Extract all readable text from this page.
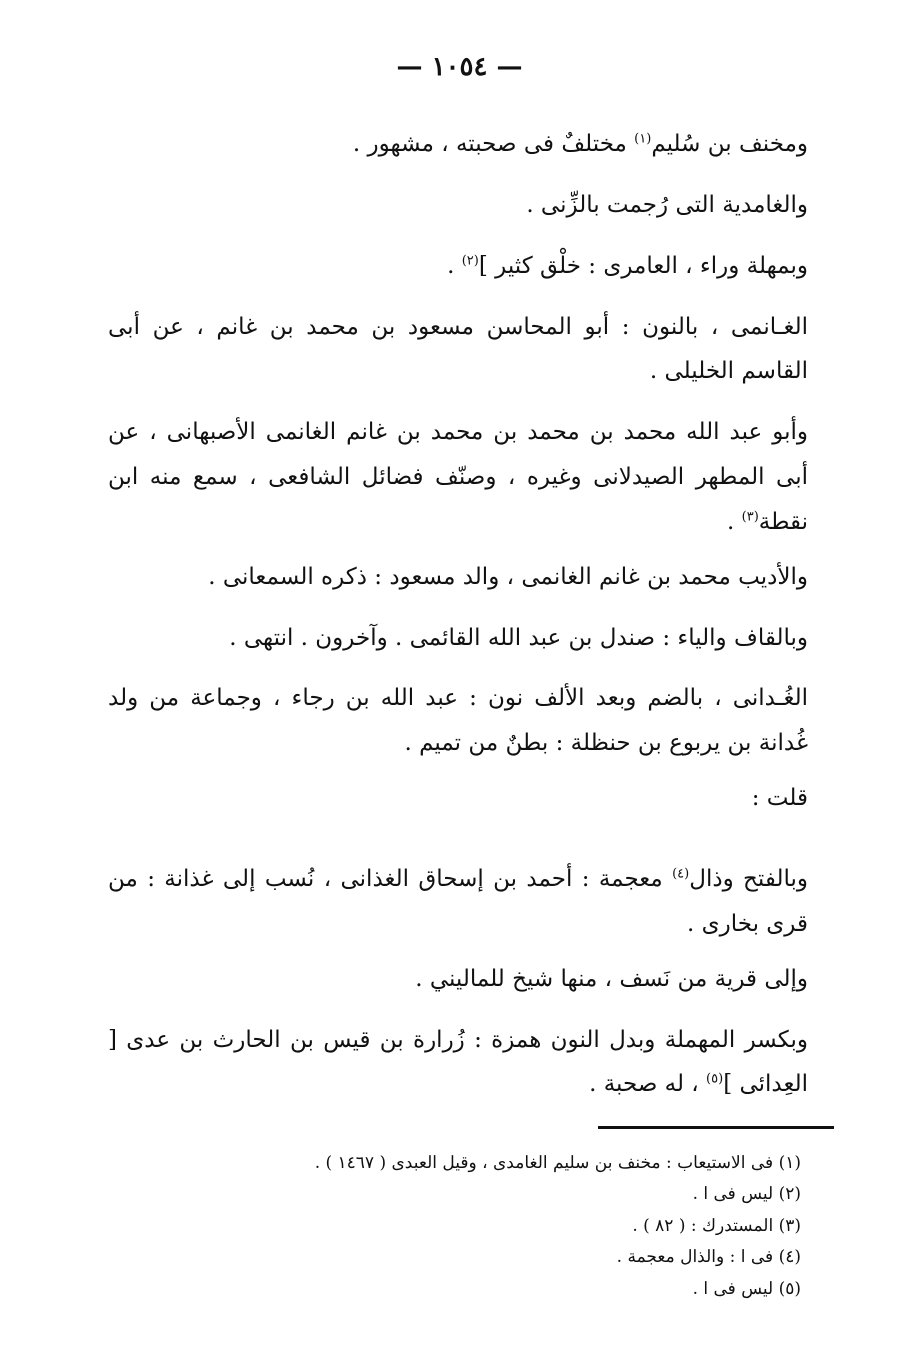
— ١٠٥٤ —

ومخنف بن سُليم$^{(١)}$ مختلفٌ فى صحبته ، مشهور .

والغامدية التى رُجمت بالزِّنى .

وبمهلة وراء ، العامرى : خلْق كثير ]$^{(٢)}$ .

الغـانمى ، بالنون : أبو المحاسن مسعود بن محمد بن غانم ، عن أبى القاسم الخليلى .

وأبو عبد الله محمد بن محمد بن محمد بن غانم الغانمى الأصبهانى ، عن أبى المطهر الصيدلانى وغيره ، وصنّف فضائل الشافعى ، سمع منه ابن نقطة$^{(٣)}$ .

والأديب محمد بن غانم الغانمى ، والد مسعود : ذكره السمعانى .

وبالقاف والياء : صندل بن عبد الله القائمى . وآخرون . انتهى .

الغُـدانى ، بالضم وبعد الألف نون : عبد الله بن رجاء ، وجماعة من ولد غُدانة بن يربوع بن حنظلة : بطنٌ من تميم .

قلت :

وبالفتح وذال$^{(٤)}$ معجمة : أحمد بن إسحاق الغذانى ، نُسب إلى غذانة : من قرى بخارى .

وإلى قرية من نَسف ، منها شيخ للماليني .

وبكسر المهملة وبدل النون همزة : زُرارة بن قيس بن الحارث بن عدى [ العِدائى ]$^{(٥)}$ ، له صحبة .

(١) فى الاستيعاب : مخنف بن سليم الغامدى ، وقيل العبدى ( ١٤٦٧ ) .

(٢) ليس فى ا .

(٣) المستدرك : ( ٨٢ ) .

(٤) فى ا : والذال معجمة .

(٥) ليس فى ا .
